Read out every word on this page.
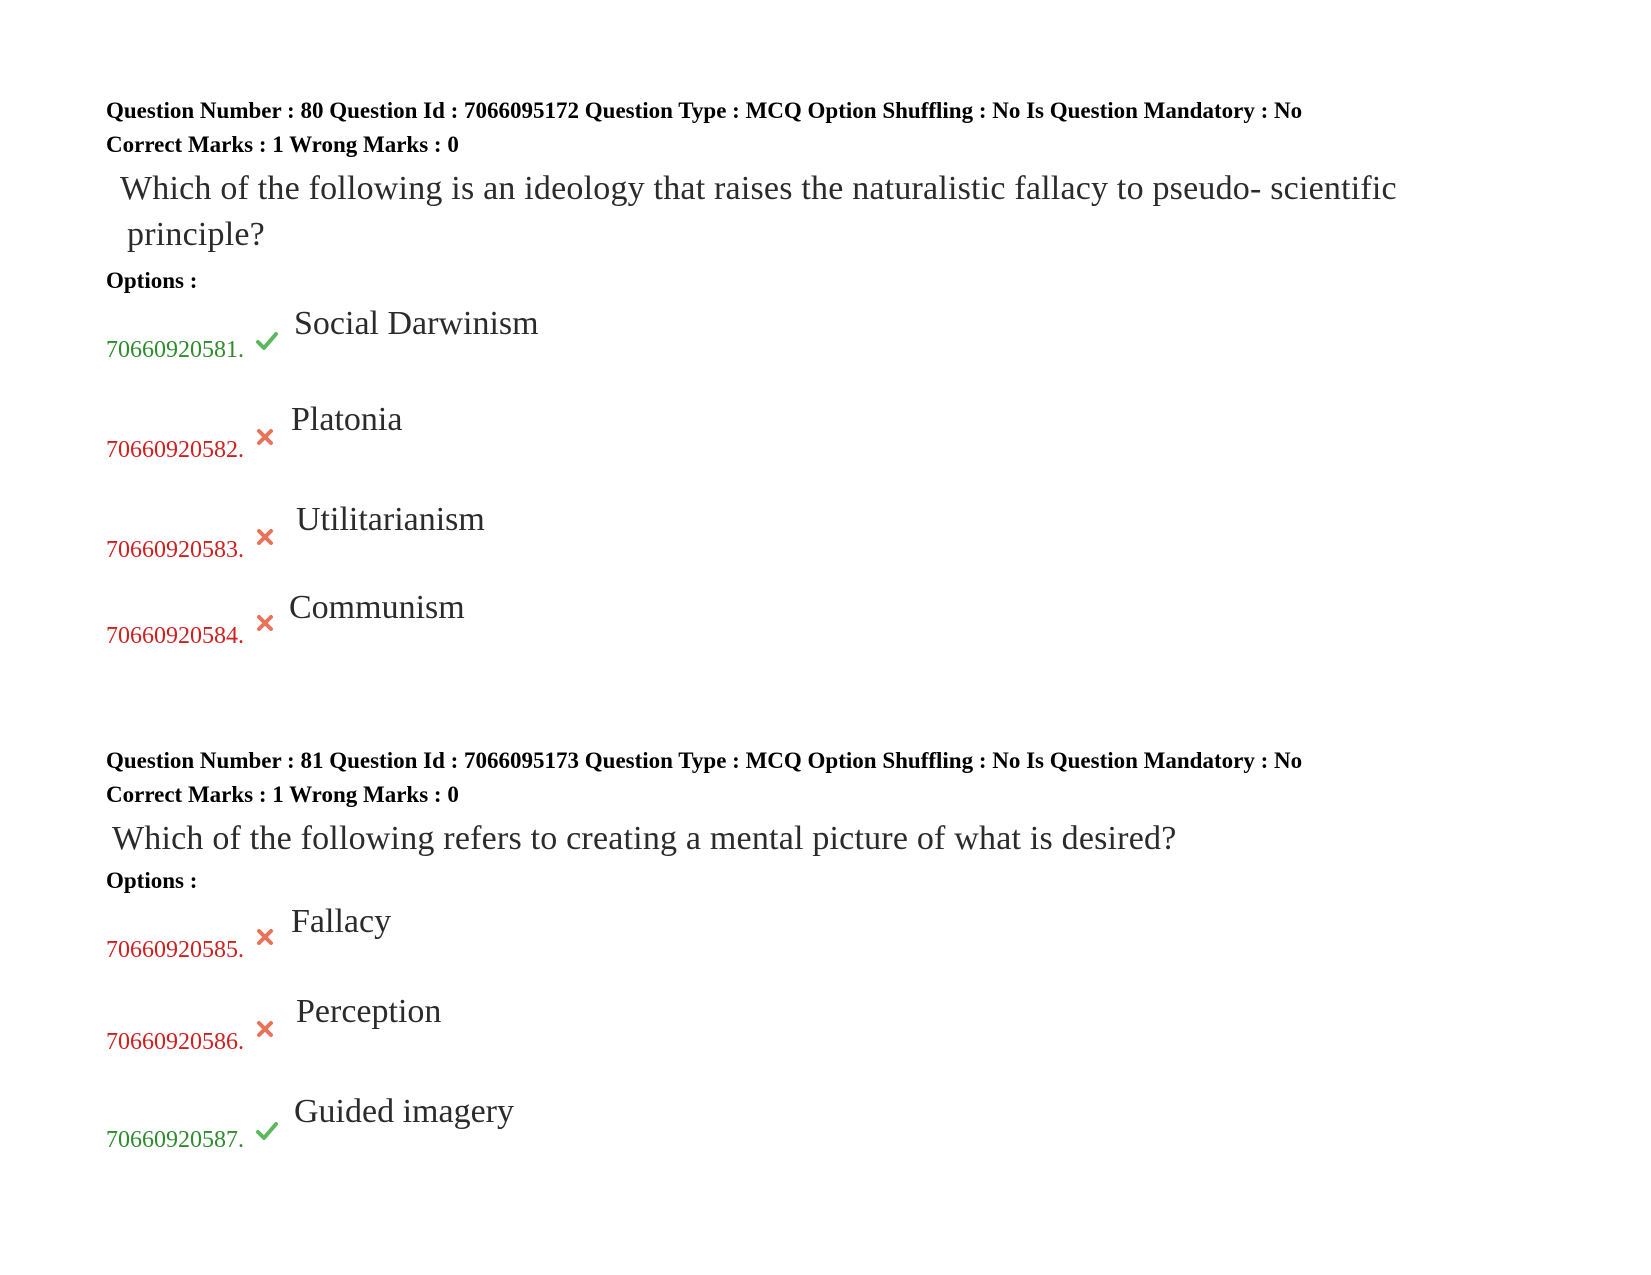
Question Number : 80 Question Id : 7066095172 Question Type : MCQ Option Shuffling : No Is Question Mandatory : No
Correct Marks : 1 Wrong Marks : 0
Which of the following is an ideology that raises the naturalistic fallacy to pseudo- scientific
principle?
Options :
70660920581.
Social Darwinism
70660920582.
Platonia
70660920583.
Utilitarianism
70660920584.
Communism
Question Number : 81 Question Id : 7066095173 Question Type : MCQ Option Shuffling : No Is Question Mandatory : No
Correct Marks : 1 Wrong Marks : 0
Which of the following refers to creating a mental picture of what is desired?
Options :
70660920585.
Fallacy
70660920586.
Perception
70660920587.
Guided imagery
